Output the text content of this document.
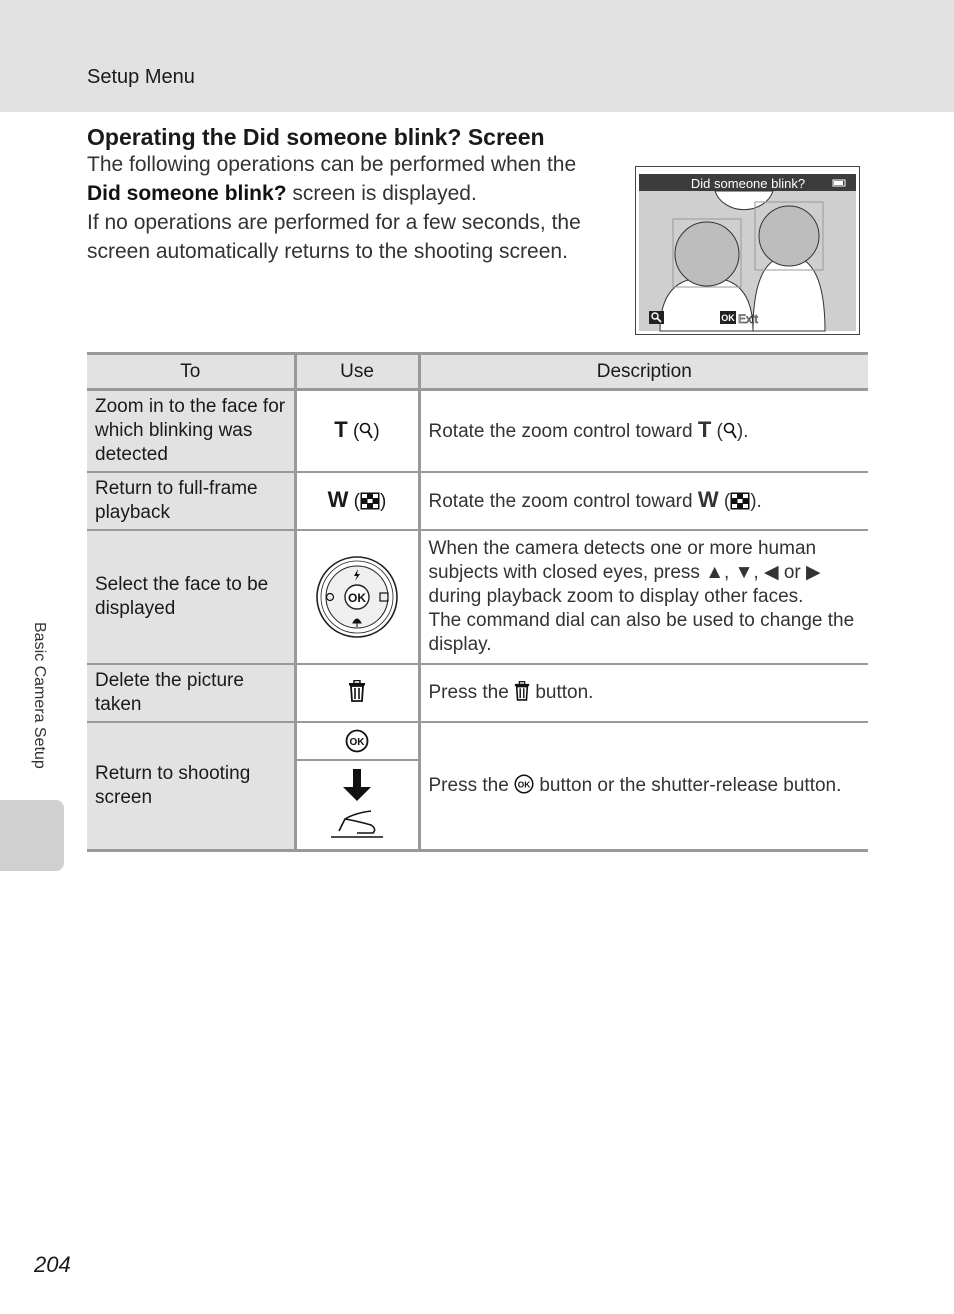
Setup Menu
Operating the Did someone blink? Screen

The following operations can be performed when the
Did someone blink? screen is displayed.

If no operations are performed for a few seconds, the screen automatically returns to the shooting screen.

Did someone blink?
OK Exit
To	Use	Description
Zoom in to the face for which blinking was detected	T ( )	Rotate the zoom control toward T ( ).
Return to full-frame playback	W ( )	Rotate the zoom control toward W ( ).
Select the face to be displayed	OK	When the camera detects one or more human subjects with closed eyes, press ▲, ▼, ◀ or ▶ during playback zoom to display other faces.
The command dial can also be used to change the display.
Delete the picture taken		Press the  button.
Return to shooting screen	OK	Press the OK button or the shutter-release button.
Basic Camera Setup
204
